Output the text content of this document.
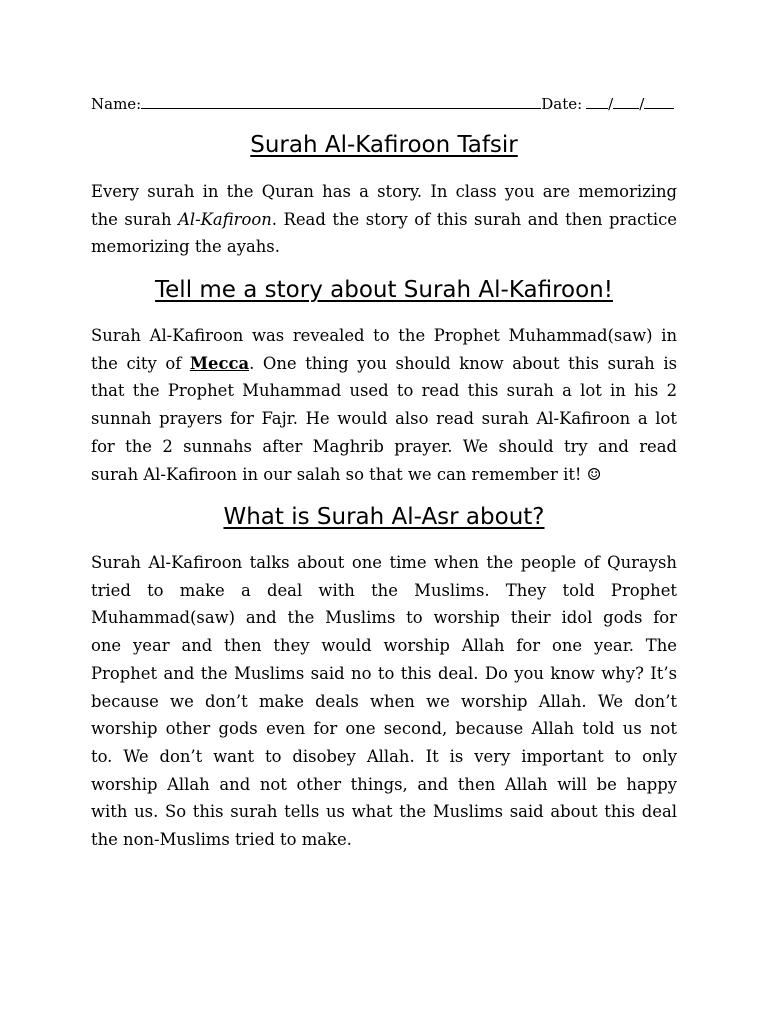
Name:	Date: / /
Surah Al-Kafiroon Tafsir
Every surah in the Quran has a story. In class you are memorizing
the surah Al-Kafiroon. Read the story of this surah and then practice
memorizing the ayahs.
Tell me a story about Surah Al-Kafiroon!
Surah Al-Kafiroon was revealed to the Prophet Muhammad(saw) in
the city of Mecca. One thing you should know about this surah is
that the Prophet Muhammad used to read this surah a lot in his 2
sunnah prayers for Fajr. He would also read surah Al-Kafiroon a lot
for the 2 sunnahs after Maghrib prayer. We should try and read
surah Al-Kafiroon in our salah so that we can remember it! ☺
What is Surah Al-Asr about?
Surah Al-Kafiroon talks about one time when the people of Quraysh
tried to make a deal with the Muslims. They told Prophet
Muhammad(saw) and the Muslims to worship their idol gods for
one year and then they would worship Allah for one year. The
Prophet and the Muslims said no to this deal. Do you know why? It’s
because we don’t make deals when we worship Allah. We don’t
worship other gods even for one second, because Allah told us not
to. We don’t want to disobey Allah. It is very important to only
worship Allah and not other things, and then Allah will be happy
with us. So this surah tells us what the Muslims said about this deal
the non-Muslims tried to make.
